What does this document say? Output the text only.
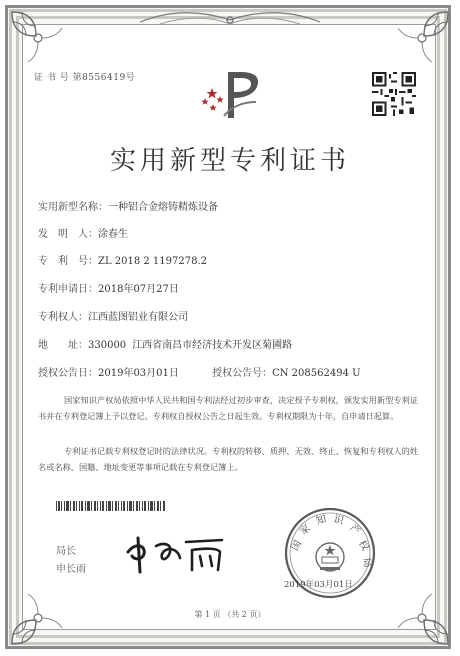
证 书 号 第8556419号
实用新型专利证书
实用新型名称：一种铝合金熔铸精炼设备
发　明　人：涂春生
专　利　号：ZL 2018 2 1197278.2
专利申请日：2018年07月27日
专利权人：江西蓝图铝业有限公司
地　　址：330000 江西省南昌市经济技术开发区菊圃路
授权公告日：2019年03月01日	授权公告号：CN 208562494 U
国家知识产权局依照中华人民共和国专利法经过初步审查，决定授予专利权，颁发实用新型专利证书并在专利登记簿上予以登记。专利权自授权公告之日起生效。专利权期限为十年，自申请日起算。
专利证书记载专利权登记时的法律状况。专利权的转移、质押、无效、终止、恢复和专利权人的姓名或名称、国籍、地址变更等事项记载在专利登记簿上。
局长
申长雨
国
家
知 识
产
权
局
2019年03月01日
第 1 页 （共 2 页）
